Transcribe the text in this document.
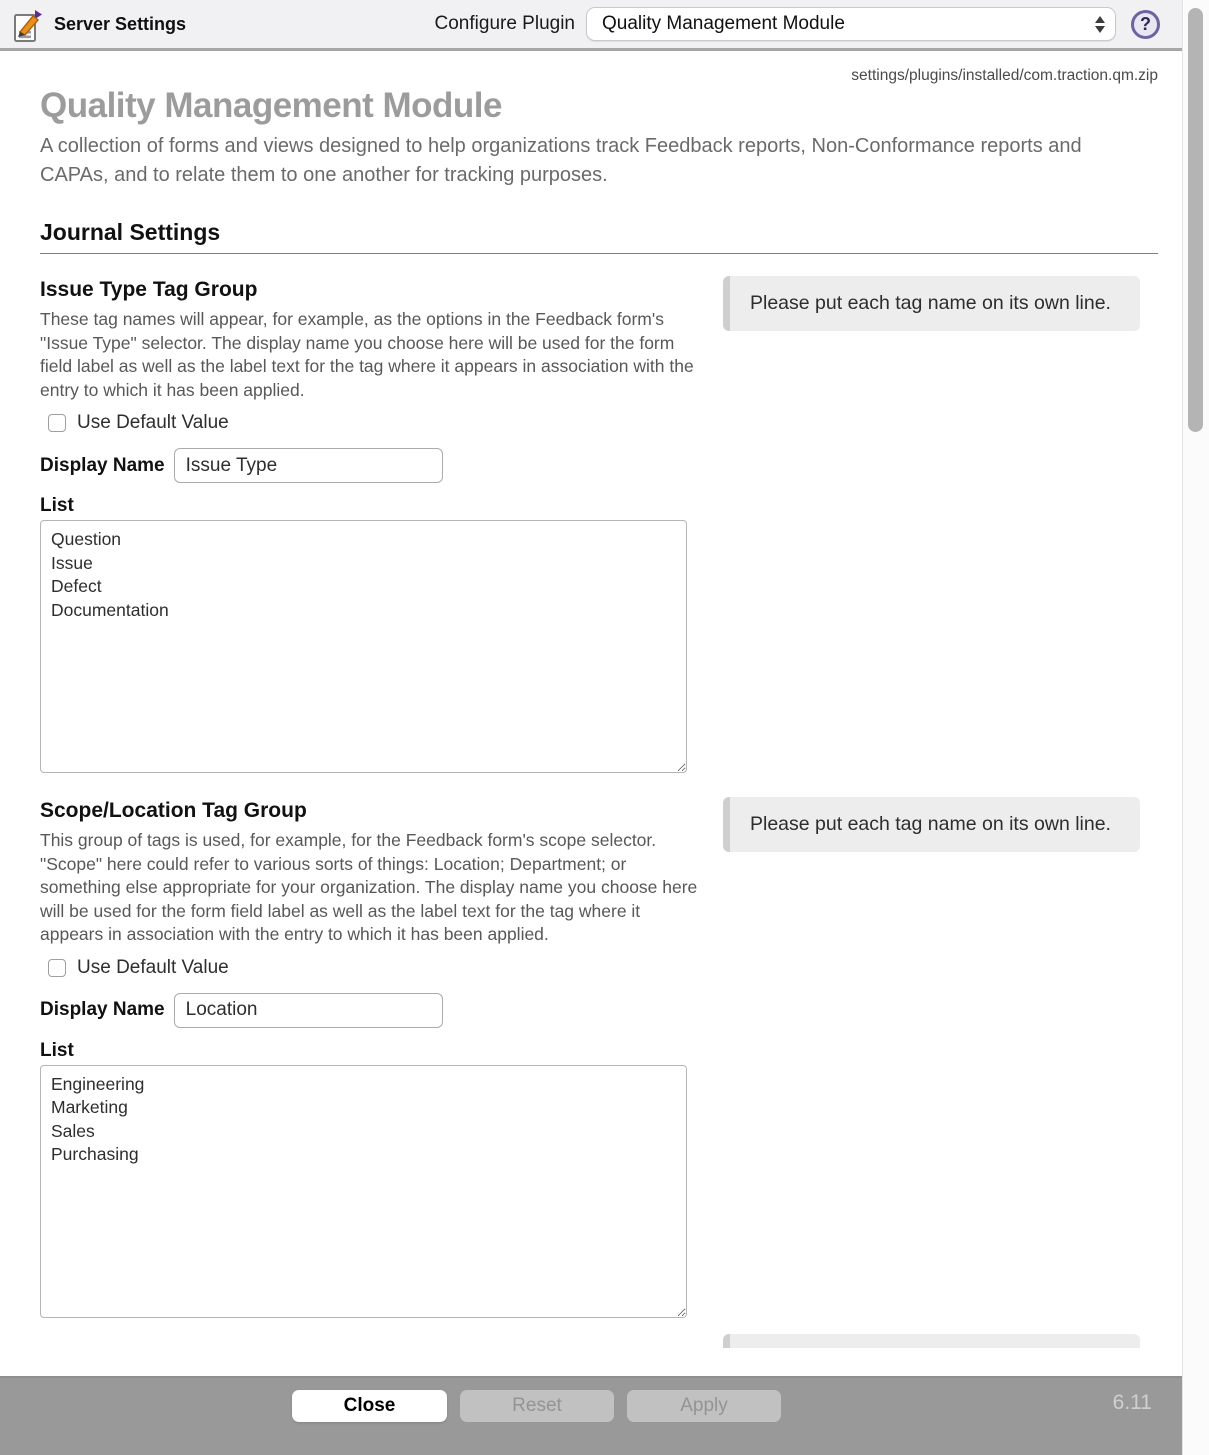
Server Settings	Configure Plugin Quality Management Module	?
settings/plugins/installed/com.traction.qm.zip
Quality Management Module
A collection of forms and views designed to help organizations track Feedback reports, Non-Conformance reports and CAPAs, and to relate them to one another for tracking purposes.
Journal Settings
Please put each tag name on its own line.
Issue Type Tag Group
These tag names will appear, for example, as the options in the Feedback form's "Issue Type" selector. The display name you choose here will be used for the form field label as well as the label text for the tag where it appears in association with the entry to which it has been applied.
Use Default Value
Display Name
Issue Type
List
Question Issue Defect Documentation
Please put each tag name on its own line.
Scope/Location Tag Group
This group of tags is used, for example, for the Feedback form's scope selector. "Scope" here could refer to various sorts of things: Location; Department; or something else appropriate for your organization. The display name you choose here will be used for the form field label as well as the label text for the tag where it appears in association with the entry to which it has been applied.
Use Default Value
Display Name
Location
List
Engineering Marketing Sales Purchasing
Close	Reset	Apply	6.11
